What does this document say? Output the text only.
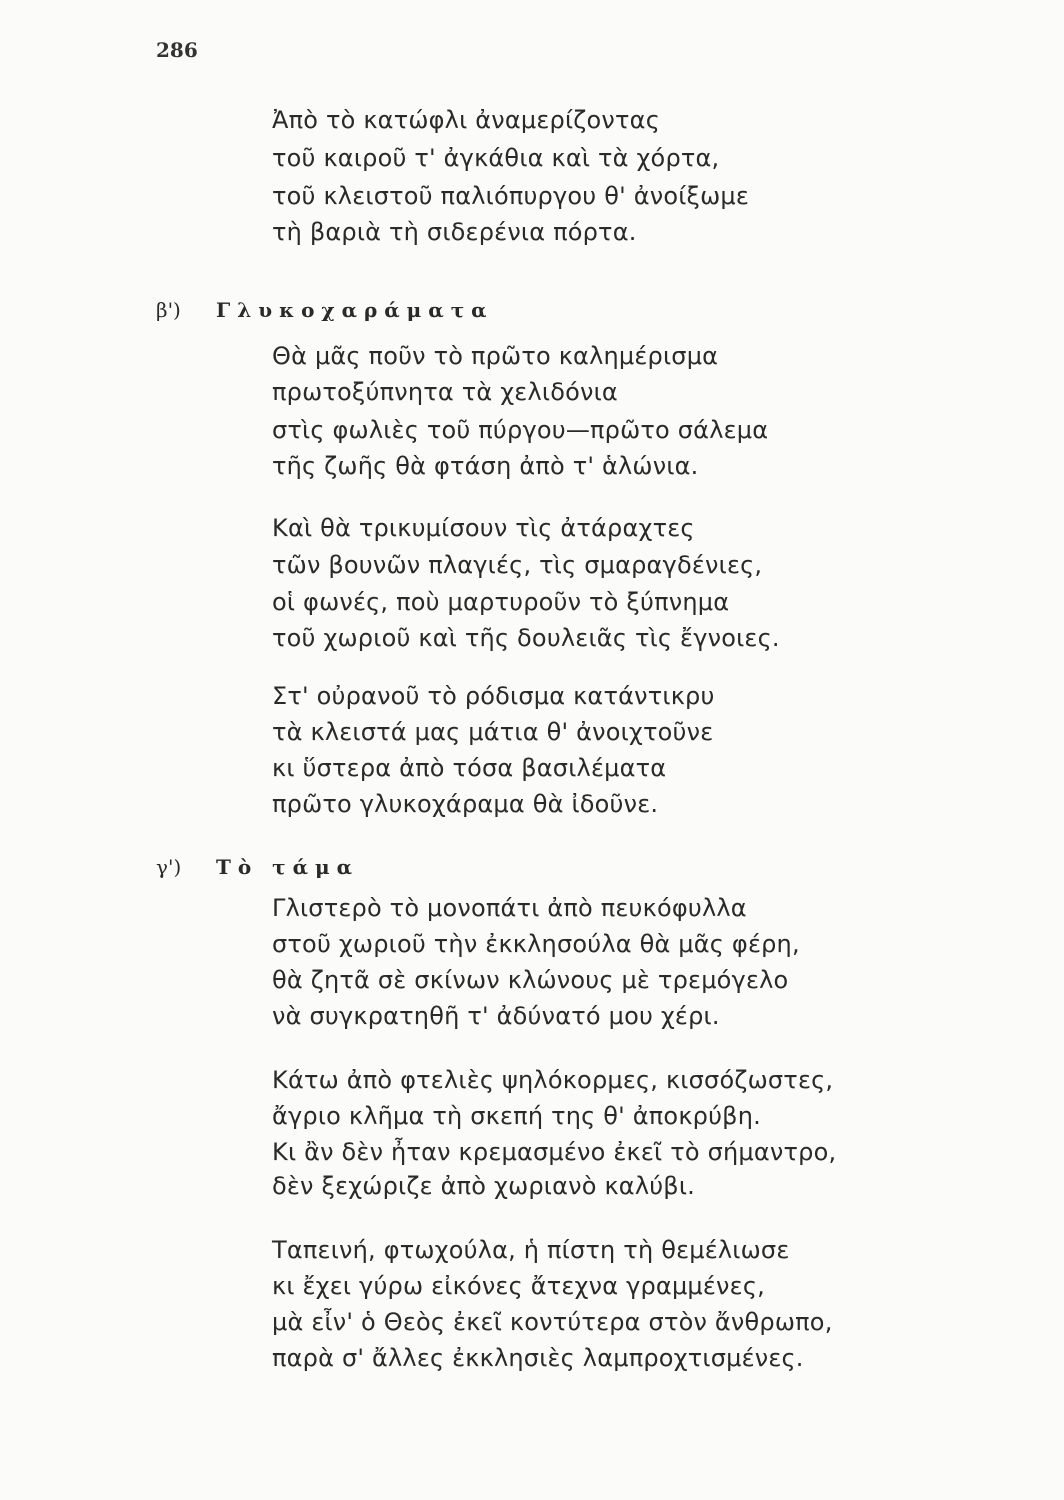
286
Ἀπὸ τὸ κατώφλι ἀναμερίζοντας
τοῦ καιροῦ τ' ἀγκάθια καὶ τὰ χόρτα,
τοῦ κλειστοῦ παλιόπυργου θ' ἀνοίξωμε
τὴ βαριὰ τὴ σιδερένια πόρτα.
β') Γλυκοχαράματα
Θὰ μᾶς ποῦν τὸ πρῶτο καλημέρισμα
πρωτοξύπνητα τὰ χελιδόνια
στὶς φωλιὲς τοῦ πύργου—πρῶτο σάλεμα
τῆς ζωῆς θὰ φτάση ἀπὸ τ' ἁλώνια.
Καὶ θὰ τρικυμίσουν τὶς ἀτάραχτες
τῶν βουνῶν πλαγιές, τὶς σμαραγδένιες,
οἱ φωνές, ποὺ μαρτυροῦν τὸ ξύπνημα
τοῦ χωριοῦ καὶ τῆς δουλειᾶς τὶς ἔγνοιες.
Στ' οὐρανοῦ τὸ ρόδισμα κατάντικρυ
τὰ κλειστά μας μάτια θ' ἀνοιχτοῦνε
κι ὕστερα ἀπὸ τόσα βασιλέματα
πρῶτο γλυκοχάραμα θὰ ἰδοῦνε.
γ') Τὸ τάμα
Γλιστερὸ τὸ μονοπάτι ἀπὸ πευκόφυλλα
στοῦ χωριοῦ τὴν ἐκκλησούλα θὰ μᾶς φέρη,
θὰ ζητᾶ σὲ σκίνων κλώνους μὲ τρεμόγελο
νὰ συγκρατηθῆ τ' ἀδύνατό μου χέρι.
Κάτω ἀπὸ φτελιὲς ψηλόκορμες, κισσόζωστες,
ἄγριο κλῆμα τὴ σκεπή της θ' ἀποκρύβη.
Κι ἂν δὲν ἦταν κρεμασμένο ἐκεῖ τὸ σήμαντρο,
δὲν ξεχώριζε ἀπὸ χωριανὸ καλύβι.
Ταπεινή, φτωχούλα, ἡ πίστη τὴ θεμέλιωσε
κι ἔχει γύρω εἰκόνες ἄτεχνα γραμμένες,
μὰ εἶν' ὁ Θεὸς ἐκεῖ κοντύτερα στὸν ἄνθρωπο,
παρὰ σ' ἄλλες ἐκκλησιὲς λαμπροχτισμένες.
